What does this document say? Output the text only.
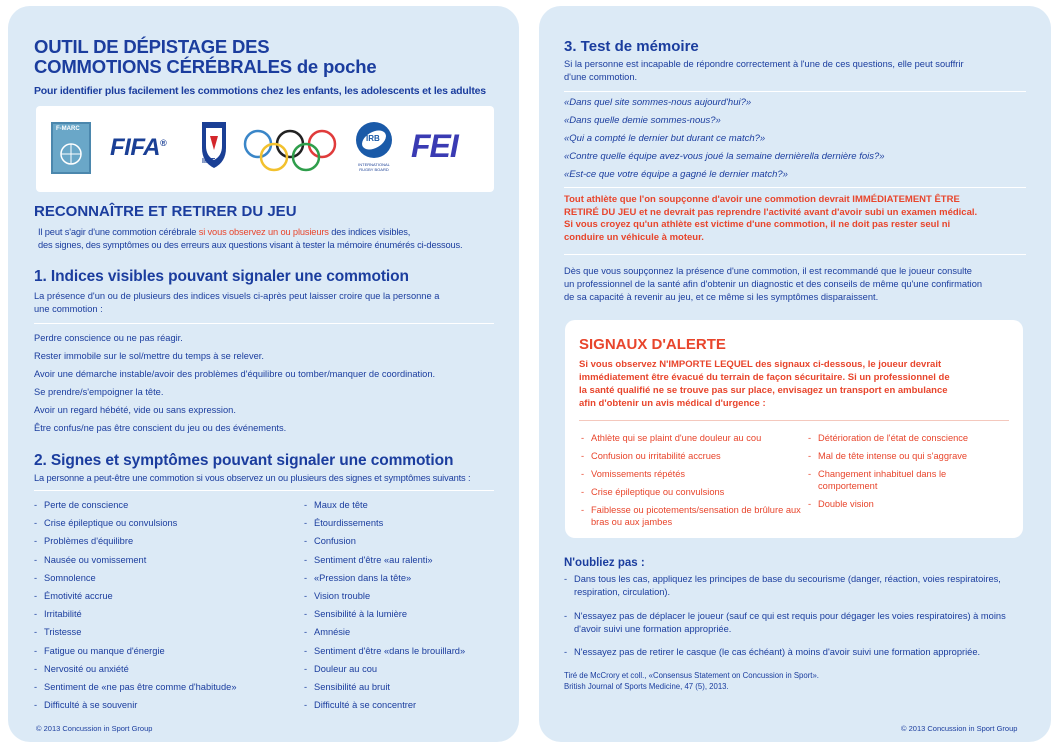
OUTIL DE DÉPISTAGE DES
COMMOTIONS CÉRÉBRALES de poche
Pour identifier plus facilement les commotions chez les enfants, les adolescents et les adultes
F-MARC
FIFA®
IIHF
IRB
INTERNATIONAL RUGBY BOARD
FEI
RECONNAÎTRE ET RETIRER DU JEU
Il peut s'agir d'une commotion cérébrale si vous observez un ou plusieurs des indices visibles,
des signes, des symptômes ou des erreurs aux questions visant à tester la mémoire énumérés ci-dessous.
1. Indices visibles pouvant signaler une commotion
La présence d'un ou de plusieurs des indices visuels ci-après peut laisser croire que la personne a
une commotion :
Perdre conscience ou ne pas réagir.
Rester immobile sur le sol/mettre du temps à se relever.
Avoir une démarche instable/avoir des problèmes d'équilibre ou tomber/manquer de coordination.
Se prendre/s'empoigner la tête.
Avoir un regard hébété, vide ou sans expression.
Être confus/ne pas être conscient du jeu ou des événements.
2. Signes et symptômes pouvant signaler une commotion
La personne a peut-être une commotion si vous observez un ou plusieurs des signes et symptômes suivants :
- Perte de conscience
- Crise épileptique ou convulsions
- Problèmes d'équilibre
- Nausée ou vomissement
- Somnolence
- Émotivité accrue
- Irritabilité
- Tristesse
- Fatigue ou manque d'énergie
- Nervosité ou anxiété
- Sentiment de «ne pas être comme d'habitude»
- Difficulté à se souvenir
- Maux de tête
- Étourdissements
- Confusion
- Sentiment d'être «au ralenti»
- «Pression dans la tête»
- Vision trouble
- Sensibilité à la lumière
- Amnésie
- Sentiment d'être «dans le brouillard»
- Douleur au cou
- Sensibilité au bruit
- Difficulté à se concentrer
© 2013 Concussion in Sport Group
3. Test de mémoire
Si la personne est incapable de répondre correctement à l'une de ces questions, elle peut souffrir
d'une commotion.
«Dans quel site sommes-nous aujourd'hui?»
«Dans quelle demie sommes-nous?»
«Qui a compté le dernier but durant ce match?»
«Contre quelle équipe avez-vous joué la semaine dernièrella dernière fois?»
«Est-ce que votre équipe a gagné le dernier match?»
Tout athlète que l'on soupçonne d'avoir une commotion devrait IMMÉDIATEMENT ÊTRE
RETIRÉ DU JEU et ne devrait pas reprendre l'activité avant d'avoir subi un examen médical.
Si vous croyez qu'un athlète est victime d'une commotion, il ne doit pas rester seul ni
conduire un véhicule à moteur.
Dès que vous soupçonnez la présence d'une commotion, il est recommandé que le joueur consulte
un professionnel de la santé afin d'obtenir un diagnostic et des conseils de même qu'une confirmation
de sa capacité à revenir au jeu, et ce même si les symptômes disparaissent.
SIGNAUX D'ALERTE
Si vous observez N'IMPORTE LEQUEL des signaux ci-dessous, le joueur devrait
immédiatement être évacué du terrain de façon sécuritaire. Si un professionnel de
la santé qualifié ne se trouve pas sur place, envisagez un transport en ambulance
afin d'obtenir un avis médical d'urgence :
- Athlète qui se plaint d'une douleur au cou
- Confusion ou irritabilité accrues
- Vomissements répétés
- Crise épileptique ou convulsions
- Faiblesse ou picotements/sensation de brûlure aux bras ou aux jambes
- Détérioration de l'état de conscience
- Mal de tête intense ou qui s'aggrave
- Changement inhabituel dans le comportement
- Double vision
N'oubliez pas :
- Dans tous les cas, appliquez les principes de base du secourisme (danger, réaction, voies respiratoires, respiration, circulation).
- N'essayez pas de déplacer le joueur (sauf ce qui est requis pour dégager les voies respiratoires) à moins d'avoir suivi une formation appropriée.
- N'essayez pas de retirer le casque (le cas échéant) à moins d'avoir suivi une formation appropriée.
Tiré de McCrory et coll., «Consensus Statement on Concussion in Sport».
British Journal of Sports Medicine, 47 (5), 2013.
© 2013 Concussion in Sport Group
